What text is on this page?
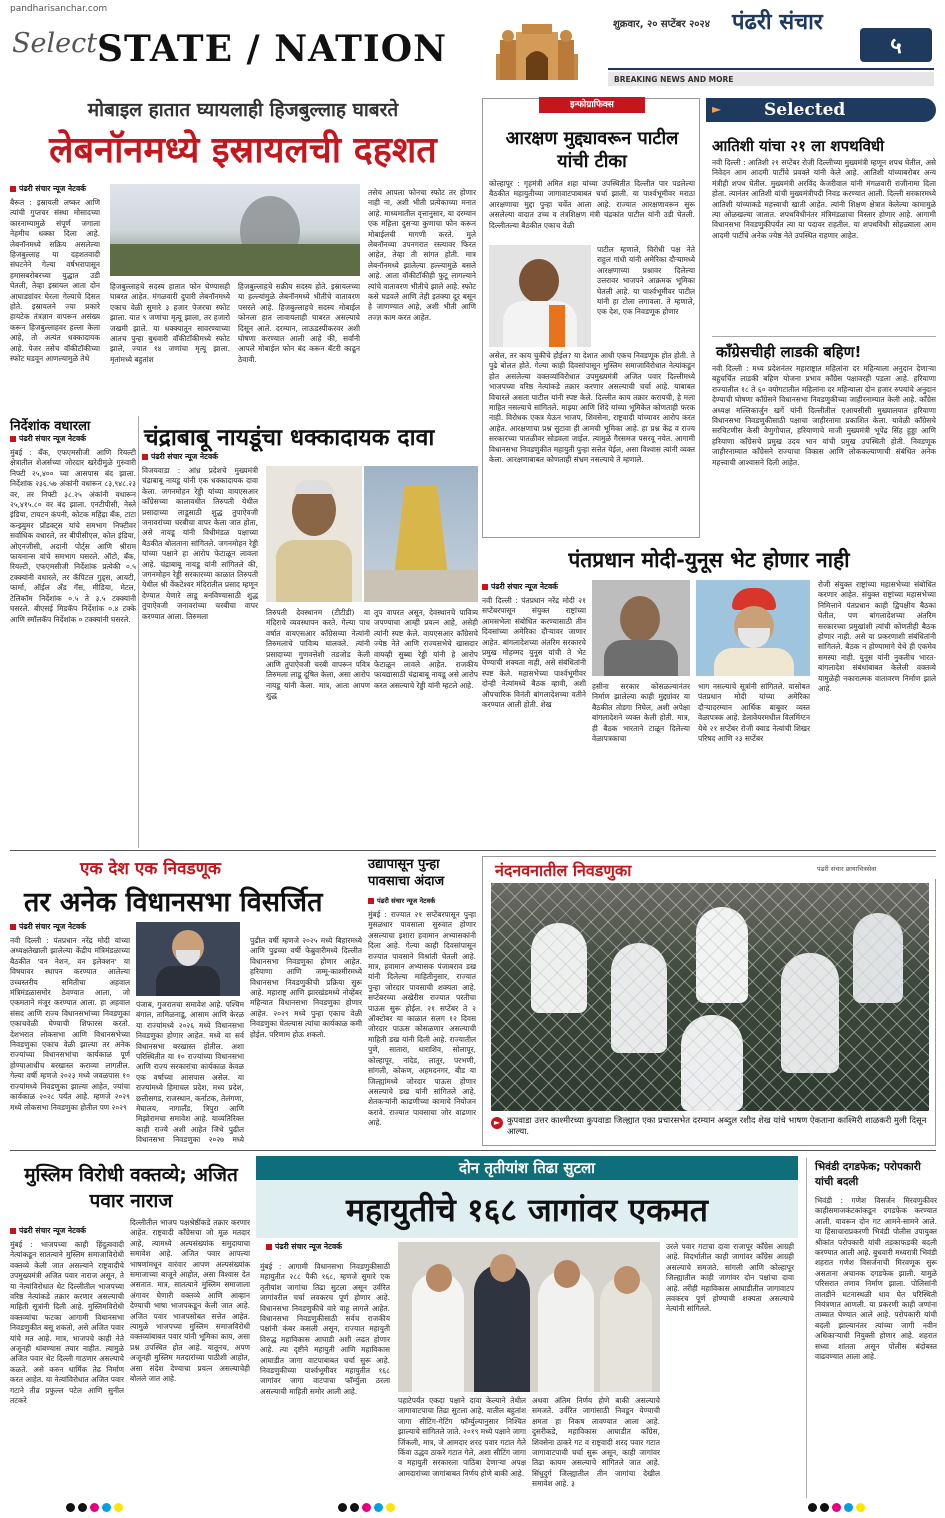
pandharisanchar.com
Select STATE / NATION
शुक्रवार, २० सप्टेंबर २०२४ पंढरी संचार
५
BREAKING NEWS AND MORE
मोबाइल हातात घ्यायलाही हिजबुल्लाह घाबरते
लेबनॉनमध्ये इस्रायलची दहशत
पंढरी संचार न्यूज नेटवर्क

बैरूत : इस्रायली लष्कर आणि त्यांची गुप्तचर संस्था मोसादच्या कारनाम्यामुळे संपूर्ण जगाला नेहमीच धक्का दिला आहे. लेबनॉनमध्ये सक्रिय असलेल्या हिजबुल्लाह या दहशतवादी संघटनेने गेल्या वर्षभरापासून हमासबरोबरच्या युद्धात उडी घेतली, तेव्हा इस्रायल आता दोन आघाड्यांवर घेरला गेल्याचे दिसत होते. इस्रायलने ज्या प्रकारे हायटेक तंत्रज्ञान वापरून असंख्य करून हिजबुल्लाहवर हल्ला केला आहे, तो अत्यंत धक्कादायक आहे. पेजर तसेच वॉकीटॉकीच्या स्फोट घडवून आणल्यामुळे तेथे

हिजबुल्लाहचे सदस्य हातात फोन घेण्यासही घाबरत आहेत. मंगळवारी दुपारी लेबनॉनमध्ये एकाच वेळी सुमारे ३ हजार पेजरचा स्फोट झाला. यात ९ जणांचा मृत्यू झाला, तर हजारो जखमी झाले. या धक्क्यातून सावरण्याच्या आतच पुन्हा बुधवारी वॉकीटॉकीमध्ये स्फोट झाले, ज्यात १४ जणांचा मृत्यू झाला. मृतांमध्ये बहुतांश

हिजबुल्लाहचे सक्रीय सदस्य होते. इस्रायलच्या या हल्ल्यांमुळे लेबनॉनमध्ये भीतीचे वातावरण पसरले आहे. हिजबुल्लाहचे सदस्य मोबाईल फोनला हात लावायलाही घाबरत असल्याचे दिसून आले. दरम्यान, लाऊडस्पीकरवर अशी घोषणा करण्यात आली आहे की, सर्वांनी आपले मोबाईल फोन बंद करून बॅटरी काढून ठेवावी.

तसेच आपला फोनचा स्फोट तर होणार नाही ना, अशी भीती प्रत्येकाच्या मनात आहे. माध्यमातील वृत्तानुसार, या दरम्यान एक महिला दुसऱ्या कुणाचा फोन करून मोबाईलची मागणी करते. मुले लेबनॉनच्या उपनगरात रस्त्यावर फिरत आहेत, तेव्हा ती सांगत होती. मात्र लेबनॉनमध्ये झालेल्या हल्ल्यामुळे बसले आहे. आता वॉकीटॉकीही फुटू लागल्याने त्यांचे वातावरण भीतीचे झाले आहे. स्फोट कसे घडवले आणि तेही इतक्या दूर बसून हे जाणण्यात आहे, अशी भीती आणि तज्ज्ञ काम करत आहेत.

इन्फोग्राफिक्स
आरक्षण मुद्द्यावरून पाटील यांची टीका

कोल्हापूर : गृहमंत्री अमित शहा यांच्या उपस्थितीत दिल्लीत पार पडलेल्या बैठकीत महायुतीच्या जागावाटपाबाबत चर्चा झाली. या पार्श्वभूमीवर मराठा आरक्षणाचा मुद्दा पुन्हा चर्चेत आला आहे. राज्यात आरक्षणावरून सुरू असलेल्या वादात उच्च व तंत्रशिक्षण मंत्री चंद्रकांत पाटील यांनी उडी घेतली. दिल्लीतल्या बैठकीत एकाच वेळी

पाटील म्हणाले, विरोधी पक्ष नेते राहुल गांधी यांनी अमेरिका दौऱ्यामध्ये आरक्षणाच्या प्रश्नावर दिलेल्या उत्तरावर भाजपने आक्रमक भूमिका घेतली आहे. या पार्श्वभूमीवर पाटील यांनी हा टोला लगावला. ते म्हणाले, एक देश, एक निवडणूक होणार

असेल, तर काय चुकीचे होईल? या देशात आधी एकच निवडणूक होत होती. ते पुढे बोलत होते. गेल्या काही दिवसांपासून मुस्लिम समाजाविरोधात नेत्यांकडून होत असलेल्या वक्तव्यांविरोधात उपमुख्यमंत्री अजित पवार दिल्लीमध्ये भाजपच्या वरिष्ठ नेत्यांकडे तक्रार करणार असल्याची चर्चा आहे. याबाबत विचारले असता पाटील यांनी स्पष्ट केले. दिल्लीत काय तक्रार करायची, हे मला माहित नसल्याचे सांगितले. माझ्या आणि शिंदे यांच्या भूमिकेत कोणताही फरक नाही. विरोधक एकत्र येऊन भाजप, शिवसेना, राष्ट्रवादी यांच्यावर आरोप करत आहेत. आरक्षणाचा प्रश्न सुटावा ही आमची भूमिका आहे. हा प्रश्न केंद्र व राज्य सरकारच्या पातळीवर सोडवला जाईल. त्यामुळे गैरसमज पसरवू नयेत. आगामी विधानसभा निवडणुकीत महायुती पुन्हा सत्तेत येईल, असा विश्वास त्यांनी व्यक्त केला. आरक्षणाबाबत कोणताही संभ्रम नसल्याचे ते म्हणाले.

►	Selected
आतिशी यांचा २१ ला शपथविधी

नवी दिल्ली : आतिशी २१ सप्टेंबर रोजी दिल्लीच्या मुख्यमंत्री म्हणून शपथ घेतील, असे निवेदन आम आदमी पार्टीचे प्रवक्ते यांनी केले आहे. आतिशी यांच्याबरोबर अन्य मंत्रीही शपथ घेतील. मुख्यमंत्री अरविंद केजरीवाल यांनी मंगळवारी राजीनामा दिला होता. त्यानंतर आतिशी यांची मुख्यमंत्रीपदी निवड करण्यात आली. दिल्ली सरकारमध्ये आतिशी यांच्याकडे महत्त्वाची खाती आहेत. त्यांनी शिक्षण क्षेत्रात केलेल्या कामामुळे त्या ओळखल्या जातात. शपथविधीनंतर मंत्रिमंडळाचा विस्तार होणार आहे. आगामी विधानसभा निवडणुकीपर्यंत त्या या पदावर राहतील. या शपथविधी सोहळ्याला आम आदमी पार्टीचे अनेक ज्येष्ठ नेते उपस्थित राहणार आहेत.

काँग्रेसचीही लाडकी बहिण!

नवी दिल्ली : मध्य प्रदेशनंतर महाराष्ट्रात महिलांना दर महिन्याला अनुदान देणाऱ्या बहुचर्चित लाडकी बहिण योजना प्रभाव कॉंग्रेस पक्षावरही पडला आहे. हरियाणा राज्यातील १८ ते ६० वयोगटातील महिलांना दर महिन्याला दोन हजार रुपयांचे अनुदान देण्याची घोषणा कॉंग्रेसने विधानसभा निवडणुकीच्या जाहीरनाम्यात केली आहे. कॉंग्रेस अध्यक्ष मल्लिकार्जुन खर्गे यांनी दिल्लीतील एआयसीसी मुख्यालयात हरियाणा विधानसभा निवडणुकीसाठी पक्षाचा जाहीरनामा प्रकाशित केला. यावेळी कॉंग्रेसचे सरचिटणीस केसी वेणुगोपाल, हरियाणाचे माजी मुख्यमंत्री भूपेंद्र सिंह हुड्डा आणि हरियाणा कॉंग्रेसचे प्रमुख उदय भान यांची प्रमुख उपस्थिती होती. निवडणूक जाहीरनाम्यात कॉंग्रेसने राज्याचा विकास आणि लोककल्याणाची संबंधित अनेक महत्त्वाची आश्वासने दिली आहेत.

निर्देशांक वधारला
पंढरी संचार न्यूज नेटवर्क

मुंबई : बँक, एफएमसीजी आणि रियल्टी क्षेत्रातील शेअर्सच्या जोरदार खरेदीमुळे गुरुवारी निफ्टी २५,४०० च्या आसपास बंद झाला. निर्देशांक २३६.५७ अंकांनी वधारून ८३,९४८.२३ वर, तर निफ्टी ३८.२५ अंकांनी वधारून २५,४१५.८० वर बंद झाला. एनटीपीसी, नेस्ले इंडिया, टायटन कंपनी, कोटक महिंद्रा बँक, टाटा कन्झ्युमर प्रॉडक्ट्स यांचे समभाग निफ्टीवर सर्वाधिक वधारले, तर बीपीसीएल, कोल इंडिया, ओएनजीसी, अदानी पोर्ट्स आणि श्रीराम फायनान्स यांचे समभाग घसरले. ऑटो, बँक, रियल्टी, एफएमसीजी निर्देशांक प्रत्येकी ०.५ टक्क्यांनी वधारले, तर कॅपिटल गुड्स, आयटी, फार्मा, ऑईल अँड गॅस, मीडिया, मेटल, टेलिकॉम निर्देशांक ०.५ ते ३.५ टक्क्यांनी घसरले. बीएसई मिडकॅप निर्देशांक ०.४ टक्के आणि स्मॉलकॅप निर्देशांक ० टक्क्यांनी घसरले.

चंद्राबाबू नायडूंचा धक्कादायक दावा
पंढरी संचार न्यूज नेटवर्क

विजयवाडा : आंध्र प्रदेशचे मुख्यमंत्री चंद्राबाबू नायडू यांनी एक धक्कादायक दावा केला. जगनमोहन रेड्डी यांच्या वायएसआर कॉंग्रेसच्या कालावधीत तिरुपती येथील प्रसादाच्या लाडूसाठी शुद्ध तुपाऐवजी जनावरांच्या चरबीचा वापर केला जात होता, असे नायडू यांनी विधीमंडळ पक्षाच्या बैठकीत बोलताना सांगितले. जगनमोहन रेड्डी यांच्या पक्षाने हा आरोप फेटाळून लावला आहे. चंद्राबाबू नायडू यांनी सांगितले की, जगनमोहन रेड्डी सरकारच्या काळात तिरुपती येथील श्री वेंकटेश्वर मंदिरातील प्रसाद म्हणून देण्यात येणारे लाडू बनविण्यासाठी शुद्ध तुपाऐवजी जनावरांच्या चरबीचा वापर करण्यात आला. तिरुमला	तिरुपती देवस्थानम (टीटीडी) या मंदिराचे व्यवस्थापन करते. गेल्या पाच वर्षात वायएसआर कॉंग्रेसच्या नेत्यांनी तिरुमलाचे पावित्र्य घालवले. त्यांनी प्रसादाच्या गुणवत्तेशी तडजोड केली आणि तुपाऐवजी चरबी वापरून पवित्र तिरुमला लाडू दूषित केला, असा आरोप नायडू यांनी केला. मात्र, आता आपण शुद्ध

तूप वापरत असून, देवस्थानचे पावित्र्य जपण्याचा आम्ही प्रयत्न आहे, असेही त्यांनी स्पष्ट केले. वायएसआर कॉंग्रेसचे ज्येष्ठ नेते आणि राज्यसभेचे खासदार वायव्ही सुब्बा रेड्डी यांनी हे आरोप फेटाळून लावले आहेत. राजकीय फायद्यासाठी चंद्राबाबू नायडू असे आरोप करत असल्याचे रेड्डी यांनी म्हटले आहे.

पंतप्रधान मोदी-युनूस भेट होणार नाही
पंढरी संचार न्यूज नेटवर्क

नवी दिल्ली : पंतप्रधान नरेंद्र मोदी २१ सप्टेंबरपासून संयुक्त राष्ट्रांच्या आमसभेला संबोधित करण्यासाठी तीन दिवसांच्या अमेरिका दौऱ्यावर जाणार आहेत. बांगलादेशच्या अंतरिम सरकारचे प्रमुख मोहम्मद युनूस यांची ते भेट घेण्याची शक्यता नाही, असे संबंधितांनी स्पष्ट केले. महासभेच्या पार्श्वभूमीवर दोन्ही नेत्यांमध्ये बैठक व्हावी, अशी औपचारिक विनंती बांगलादेशच्या वतीने करण्यात आली होती. शेख

हसीना सरकार कोसळल्यानंतर निर्माण झालेल्या काही मुद्द्यांवर या बैठकीत तोडगा निघेल, अशी अपेक्षा बांगलादेशने व्यक्त केली होती. मात्र, ही बैठक भारताने टाळून दिलेल्या वेळापत्रकाचा

भाग नसल्याचे सूत्रांनी सांगितले. यासोबत पंतप्रधान मोदी यांच्या अमेरिका दौऱ्यादरम्यान आर्थिक बाबूवर व्यस्त वेळापत्रक आहे. डेलावेयरमधील विलमिंग्टन येथे २१ सप्टेंबर रोजी क्वाड नेत्यांची शिखर परिषद आणि २३ सप्टेंबर

रोजी संयुक्त राष्ट्रांच्या महासभेच्या संबोधित करणार आहेत. संयुक्त राष्ट्रांच्या महासभेच्या निमित्ताने पंतप्रधान काही द्विपक्षीय बैठका घेतील, पण बांगलादेशच्या अंतरिम सरकारच्या प्रमुखांशी त्यांची कोणतीही बैठक होणार नाही. असे या प्रकरणाशी संबंधितांनी सांगितले. बैठक न होण्यामागे येथे ही एकमेव समस्या नाही. युनूस यांनी नुकतीच भारत-बांगलादेश संबंधांबाबत केलेली वक्तव्ये यामुळेही नकारात्मक वातावरण निर्माण झाले आहे.

एक देश एक निवडणूक
तर अनेक विधानसभा विसर्जित
पंढरी संचार न्यूज नेटवर्क

नवी दिल्ली : पंतप्रधान नरेंद्र मोदी यांच्या अध्यक्षतेखाली झालेल्या केंद्रीय मंत्रिमंडळाच्या बैठकीत 'वन नेशन, वन इलेक्शन' या विषयावर स्थापन करण्यात आलेल्या उच्चस्तरीय समितीचा अहवाल मंत्रिमंडळासमोर ठेवण्यात आला, जो एकमताने मंजूर करण्यात आला. हा अहवाल संसद आणि राज्य विधानसभांच्या निवडणुका एकाचवेळी घेण्याची शिफारस करतो. देशभरात लोकसभा आणि विधानसभेच्या निवडणुका एकाच वेळी झाल्या तर अनेक राज्यांच्या विधानसभांचा कार्यकाळ पूर्ण होण्याआधीच बरखास्त कराव्या लागतील. गेल्या वर्षी म्हणजे २०२३ मध्ये जवळपास १० राज्यांमध्ये निवडणुका झाल्या आहेत, ज्यांचा कार्यकाळ २०२८ पर्यंत आहे. म्हणजे २०२९ मध्ये लोकसभा निवडणुका होतील पण २०२९

पंजाब, गुजरातचा समावेश आहे. पश्चिम बंगाल, तामिळनाडू, आसाम आणि केरळ या राज्यांमध्ये २०२६ मध्ये विधानसभा निवडणुका होणार आहेत. मध्ये या सर्व विधानसभा बरखास्त होतील. अशा परिस्थितीत या १० राज्यांच्या विधानसभा आणि राज्य सरकारांचा कार्यकाळ केवळ एक वर्षाच्या आसपास असेल. या राज्यांमध्ये हिमाचल प्रदेश, मध्य प्रदेश, छत्तीसगड, राजस्थान, कर्नाटक, तेलंगणा, मेघालय, नागालँड, त्रिपुरा आणि मिझोरामचा समावेश आहे. याव्यतिरिक्त काही राज्ये अशी आहेत जिथे पुढील विधानसभा निवडणुका २०२७ मध्ये

पुढील वर्षी म्हणजे २०२५ मध्ये बिहारमध्ये आणि पुढच्या वर्षी फेब्रुवारीमध्ये दिल्लीत विधानसभा निवडणुका होणार आहेत. हरियाणा आणि जम्मू-काश्मीरमध्ये विधानसभा निवडणुकीची प्रक्रिया सुरू आहे. महाराष्ट्र आणि झारखंडमध्ये नोव्हेंबर महिन्यात विधानसभा निवडणुका होणार आहेत. २०२९ मध्ये पुन्हा एकाच वेळी निवडणुका घेतल्यास त्यांचा कार्यकाळ कमी होईल. परिणाम होऊ शकतो.

उद्यापासून पुन्हा पावसाचा अंदाज
पंढरी संचार न्यूज नेटवर्क

मुंबई : राज्यात २१ सप्टेंबरपासून पुन्हा मुसळधार पावसाला सुरुवात होणार असल्याचा इशारा हवामान अभ्यासकांनी दिला आहे. गेल्या काही दिवसांपासून राज्यात पावसाने विश्रांती घेतली आहे. मात्र, हवामान अभ्यासक पंजाबराव डख यांनी दिलेल्या माहितीनुसार, राज्यात पुन्हा जोरदार पावसाची शक्यता आहे. सप्टेंबरच्या अखेरीस राज्यात परतीचा पाऊस सुरू होईल. २१ सप्टेंबर ते २ ऑक्टोबर या काळात सलग १२ दिवस जोरदार पाऊस कोसळणार असल्याची माहिती डख यांनी दिली आहे. राज्यातील पुणे, सातारा, धाराशिव, सोलापूर, कोल्हापूर, नांदेड, लातूर, परभणी, सांगली, कोकण, अहमदनगर, बीड या जिल्ह्यांमध्ये जोरदार पाऊस होणार असल्याचे डख यांनी सांगितले आहे. शेतकऱ्यांनी काढणीच्या कामाचे नियोजन करावे. राज्यात पावसाचा जोर वाढणार आहे.

नंदनवनातील निवडणुका	पंढरी संचार छायाचित्रसेवा
► कुपवाडा उत्तर काश्मीरच्या कुपवाडा जिल्ह्यात एका प्रचारसभेत दरम्यान अब्दुल रशीद शेख यांचे भाषण ऐकताना काश्मिरी शाळकरी मुली दिसून आल्या.
मुस्लिम विरोधी वक्तव्ये; अजित पवार नाराज
पंढरी संचार न्यूज नेटवर्क

मुंबई : भाजपच्या काही हिंदुत्ववादी नेत्यांकडून सातत्याने मुस्लिम समाजाविरोधी वक्तव्ये केली जात असल्याने राष्ट्रवादीचे उपमुख्यमंत्री अजित पवार नाराज असून, ते या नेत्यांविरोधात थेट दिल्लीतील भाजपच्या वरिष्ठ नेत्यांकडे तक्रार करणार असल्याची माहिती सूत्रांनी दिली आहे. मुस्लिमविरोधी वक्तव्यांचा फटका आगामी विधानसभा निवडणुकीत बसू शकतो, असे अजित पवार यांचे मत आहे. मात्र, भाजपचे काही नेते अजूनही थांबण्यास तयार नाहीत. त्यामुळे अजित पवार थेट दिल्ली गाठणार असल्याचे कळते. असे करुन धार्मिक तेढ निर्माण करत आहेत. या नेत्यांविरोधात अजित पवार गटाने तीव्र प्रफुल्ल पटेल आणि सुनील तटकरे

दिल्लीतील भाजप पक्षश्रेष्ठींकडे तक्रार करणार आहेत. राष्ट्रवादी काँग्रेसचा जो मूळ मतदार आहे, त्यामध्ये अल्पसंख्यांक समुदायाचा समावेश आहे. अजित पवार आपल्या भाषणांमधून वारंवार आपण अल्पसंख्यांक समाजाच्या बाजूने आहोत, असा विश्वास देत असतात. मात्र, सातत्याने मुस्लिम समाजाला अंगावर घेणारी वक्तव्ये आणि आव्हान देण्याची भाषा भाजपकडून केली जात आहे. अजित पवार भाजपसोबत सत्तेत आहेत. त्यामुळे भाजपच्या मुस्लिम समाजविरोधी वक्तव्यांबाबत पवार यांनी भूमिका काय, असा प्रश्न उपस्थित होत आहे. यातूनच, अपण अजूनही मुस्लिम मतदारांच्या पाठीशी आहोत, असा संदेश देण्याचा प्रयत्न असल्याचेही बोलले जात आहे.

दोन तृतीयांश तिढा सुटला
महायुतीचे १६८ जागांवर एकमत
पंढरी संचार न्यूज नेटवर्क

मुंबई : आगामी विधानसभा निवडणुकीसाठी महायुतीत २८८ पैकी १६८, म्हणजे सुमारे एक तृतीयांश जागांचा तिढा सुटला असून उर्वरित जागांवरील चर्चा लवकरच पूर्ण होणार आहे. विधानसभा निवडणुकीचे वारे वाहू लागले आहेत. विधानसभा निवडणुकीसाठी सर्वच राजकीय पक्षांनी कंबर कसली असून, राज्यात महायुती विरुद्ध महाविकास आघाडी अशी लढत होणार आहे. त्या दृष्टीने महायुती आणि महाविकास आघाडीत जागा वाटपाबाबत चर्चा सुरू आहे. निवडणुकीच्या पार्श्वभूमीवर महायुतीत १६८ जागांवर जागा वाटपाचा फॉर्म्युला ठरला असल्याची माहिती समोर आली आहे.

पहाटेपर्यंत एकदा पक्षाने दावा केल्याने तेथील जागावाटपाचा तिढा सुटला आहे. यातील बहुतांश जागा सीटिंग-गेटिंग फॉर्म्युल्यानुसार निश्चित झाल्याचे सांगितले जाते. २०१९ मध्ये पक्षाने जागा जिंकली, मात्र, जे आमदार शरद पवार गटात गेले किंवा उद्धव ठाकरे गटात गेले, अशा सीटिंग जागा व महायुती सरकारला पाठिंबा देणाऱ्या अपक्ष आमदारांच्या जागांबाबत निर्णय होणे बाकी आहे.

अथवा अंतिम निर्णय होणे बाकी असल्याचे समजते. उर्वरित जागांसाठी निवडून येण्याची क्षमता हा निकष लावण्यात आला आहे. दुसरीकडे, महाविकास आघाडीत काँग्रेस, शिवसेना ठाकरे गट व राष्ट्रवादी शरद पवार गटात जागावाटपाची चर्चा सुरू असून, काही जागांवर तिढा कायम असल्याचे सांगितले जात आहे. सिंधुदुर्ग जिल्ह्यातील तीन जागांचा देखील समावेश आहे. ३

उरले पवार गटाचा दावा राजापूर काँग्रेस आग्रही आहे. विदर्भातील काही जागांवर काँग्रेस आग्रही असल्याचे समजते. सांगली आणि कोल्हापूर जिल्ह्यातील काही जागांवर दोन पक्षांचा दावा आहे. तरीही महाविकास आघाडीतील जागावाटप लवकरच पूर्ण होण्याची शक्यता असल्याचे नेत्यांनी सांगितले.

भिवंडी दगडफेक; परोपकारी यांची बदली

भिवंडी : गणेश विसर्जन मिरवणुकीवर काहीसमाजकंटकांकडून दगडफेक करण्यात आली. यावरून दोन गट आमने-सामने आले. या हिंसाचाराप्रकरणी भिवंडी पोलीस उपायुक्त श्रीकांत परोपकारी यांची तडकाफडकी बदली करण्यात आली आहे. बुधवारी मध्यरात्री भिवंडी शहरात गणेश विसर्जनाची मिरवणूक सुरू असताना अचानक दगडफेक झाली. यामुळे परिसरात तणाव निर्माण झाला. पोलिसांनी तातडीने घटनास्थळी धाव घेत परिस्थिती नियंत्रणात आणली. या प्रकरणी काही जणांना ताब्यात घेण्यात आले आहे. परोपकारी यांची बदली झाल्यानंतर त्यांच्या जागी नवीन अधिकाऱ्याची नियुक्ती होणार आहे. शहरात सध्या शांतता असून पोलीस बंदोबस्त वाढवण्यात आला आहे.
